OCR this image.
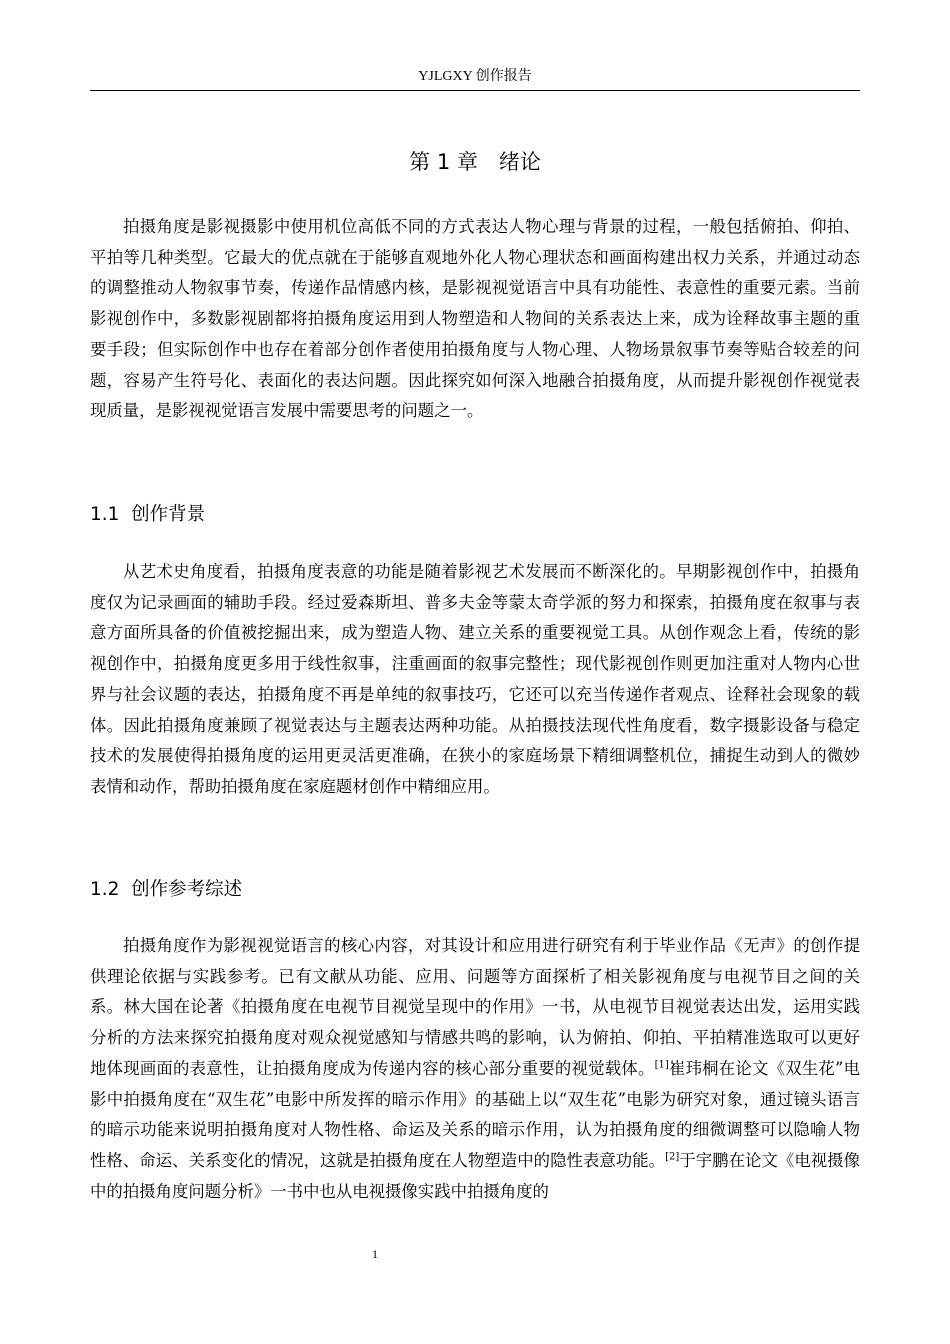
YJLGXY 创作报告
第 1 章　绪论

拍摄角度是影视摄影中使用机位高低不同的方式表达人物心理与背景的过程，一般包括俯拍、仰拍、平拍等几种类型。它最大的优点就在于能够直观地外化人物心理状态和画面构建出权力关系，并通过动态的调整推动人物叙事节奏，传递作品情感内核，是影视视觉语言中具有功能性、表意性的重要元素。当前影视创作中，多数影视剧都将拍摄角度运用到人物塑造和人物间的关系表达上来，成为诠释故事主题的重要手段；但实际创作中也存在着部分创作者使用拍摄角度与人物心理、人物场景叙事节奏等贴合较差的问题，容易产生符号化、表面化的表达问题。因此探究如何深入地融合拍摄角度，从而提升影视创作视觉表现质量，是影视视觉语言发展中需要思考的问题之一。

1.1  创作背景

从艺术史角度看，拍摄角度表意的功能是随着影视艺术发展而不断深化的。早期影视创作中，拍摄角度仅为记录画面的辅助手段。经过爱森斯坦、普多夫金等蒙太奇学派的努力和探索，拍摄角度在叙事与表意方面所具备的价值被挖掘出来，成为塑造人物、建立关系的重要视觉工具。从创作观念上看，传统的影视创作中，拍摄角度更多用于线性叙事，注重画面的叙事完整性；现代影视创作则更加注重对人物内心世界与社会议题的表达，拍摄角度不再是单纯的叙事技巧，它还可以充当传递作者观点、诠释社会现象的载体。因此拍摄角度兼顾了视觉表达与主题表达两种功能。从拍摄技法现代性角度看，数字摄影设备与稳定技术的发展使得拍摄角度的运用更灵活更准确，在狭小的家庭场景下精细调整机位，捕捉生动到人的微妙表情和动作，帮助拍摄角度在家庭题材创作中精细应用。

1.2  创作参考综述

拍摄角度作为影视视觉语言的核心内容，对其设计和应用进行研究有利于毕业作品《无声》的创作提供理论依据与实践参考。已有文献从功能、应用、问题等方面探析了相关影视角度与电视节目之间的关系。林大国在论著《拍摄角度在电视节目视觉呈现中的作用》一书，从电视节目视觉表达出发，运用实践分析的方法来探究拍摄角度对观众视觉感知与情感共鸣的影响，认为俯拍、仰拍、平拍精准选取可以更好地体现画面的表意性，让拍摄角度成为传递内容的核心部分重要的视觉载体。[1]崔玮桐在论文《双生花”电影中拍摄角度在“双生花”电影中所发挥的暗示作用》的基础上以“双生花”电影为研究对象，通过镜头语言的暗示功能来说明拍摄角度对人物性格、命运及关系的暗示作用，认为拍摄角度的细微调整可以隐喻人物性格、命运、关系变化的情况，这就是拍摄角度在人物塑造中的隐性表意功能。[2]于宇鹏在论文《电视摄像中的拍摄角度问题分析》一书中也从电视摄像实践中拍摄角度的

1
